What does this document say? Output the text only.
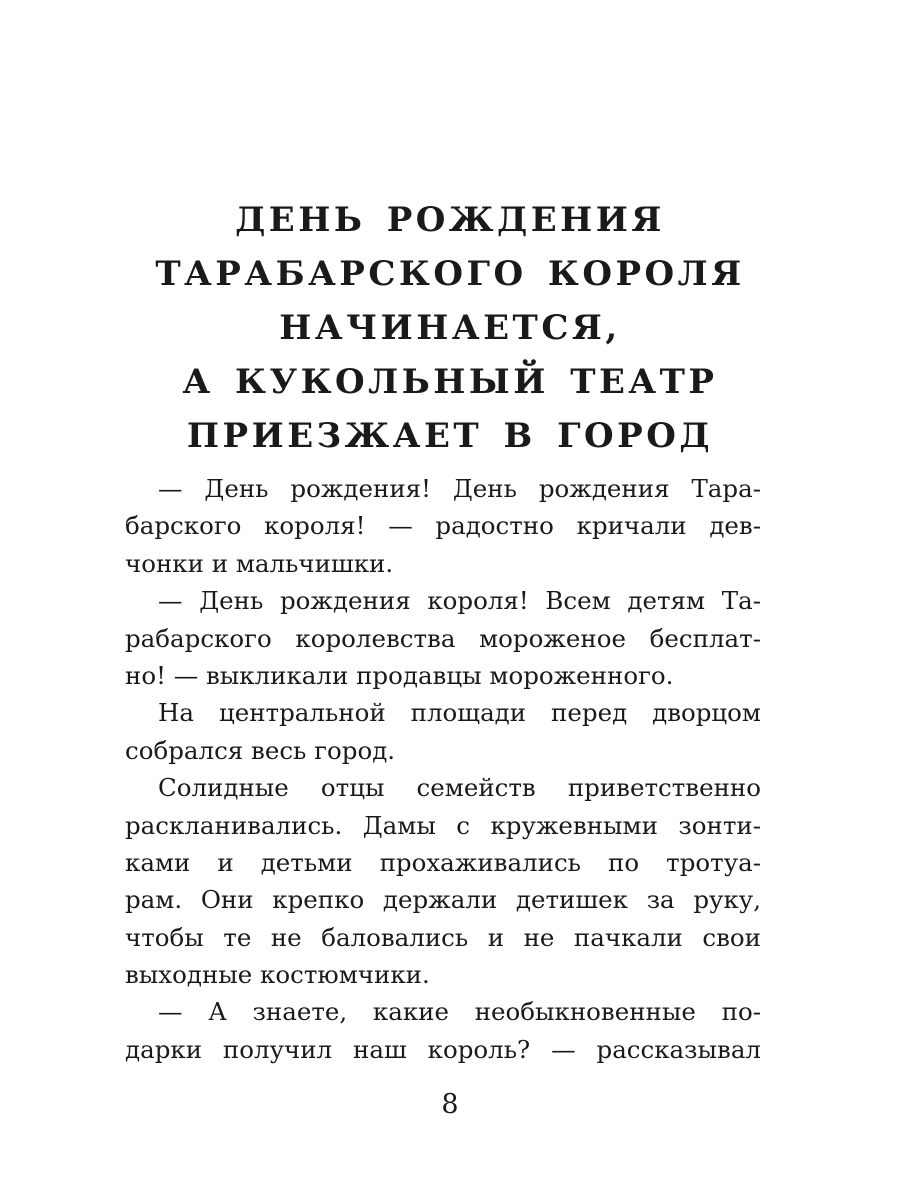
ДЕНЬ РОЖДЕНИЯ
ТАРАБАРСКОГО КОРОЛЯ
НАЧИНАЕТСЯ,
А КУКОЛЬНЫЙ ТЕАТР
ПРИЕЗЖАЕТ В ГОРОД
— День рождения! День рождения Тара-
барского короля! — радостно кричали дев-
чонки и мальчишки.
— День рождения короля! Всем детям Та-
рабарского королевства мороженое бесплат-
но! — выкликали продавцы мороженного.
На центральной площади перед дворцом
собрался весь город.
Солидные отцы семейств приветственно
раскланивались. Дамы с кружевными зонти-
ками и детьми прохаживались по тротуа-
рам. Они крепко держали детишек за руку,
чтобы те не баловались и не пачкали свои
выходные костюмчики.
— А знаете, какие необыкновенные по-
дарки получил наш король? — рассказывал

8
